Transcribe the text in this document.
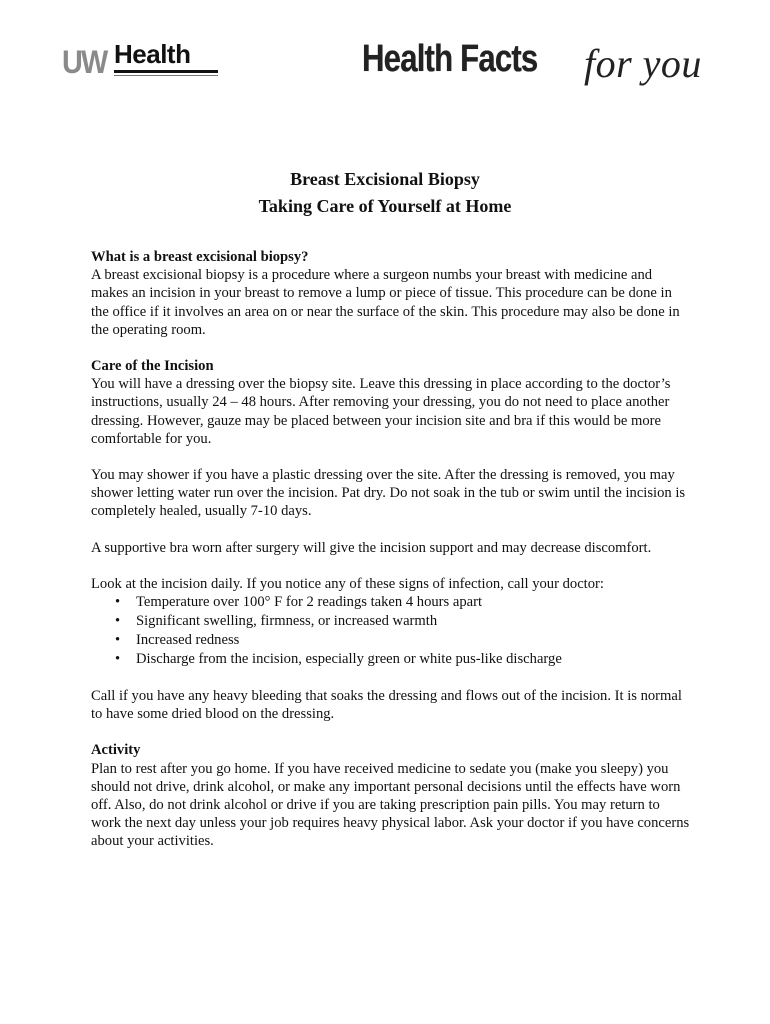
UW Health	Health Facts for you
Breast Excisional Biopsy
Taking Care of Yourself at Home
What is a breast excisional biopsy?

A breast excisional biopsy is a procedure where a surgeon numbs your breast with medicine and makes an incision in your breast to remove a lump or piece of tissue. This procedure can be done in the office if it involves an area on or near the surface of the skin. This procedure may also be done in the operating room.

Care of the Incision

You will have a dressing over the biopsy site. Leave this dressing in place according to the doctor’s instructions, usually 24 – 48 hours. After removing your dressing, you do not need to place another dressing. However, gauze may be placed between your incision site and bra if this would be more comfortable for you.

You may shower if you have a plastic dressing over the site. After the dressing is removed, you may shower letting water run over the incision. Pat dry. Do not soak in the tub or swim until the incision is completely healed, usually 7-10 days.

A supportive bra worn after surgery will give the incision support and may decrease discomfort.

Look at the incision daily. If you notice any of these signs of infection, call your doctor:

• Temperature over 100° F for 2 readings taken 4 hours apart
• Significant swelling, firmness, or increased warmth
• Increased redness
• Discharge from the incision, especially green or white pus-like discharge

Call if you have any heavy bleeding that soaks the dressing and flows out of the incision. It is normal to have some dried blood on the dressing.

Activity

Plan to rest after you go home. If you have received medicine to sedate you (make you sleepy) you should not drive, drink alcohol, or make any important personal decisions until the effects have worn off. Also, do not drink alcohol or drive if you are taking prescription pain pills. You may return to work the next day unless your job requires heavy physical labor. Ask your doctor if you have concerns about your activities.
